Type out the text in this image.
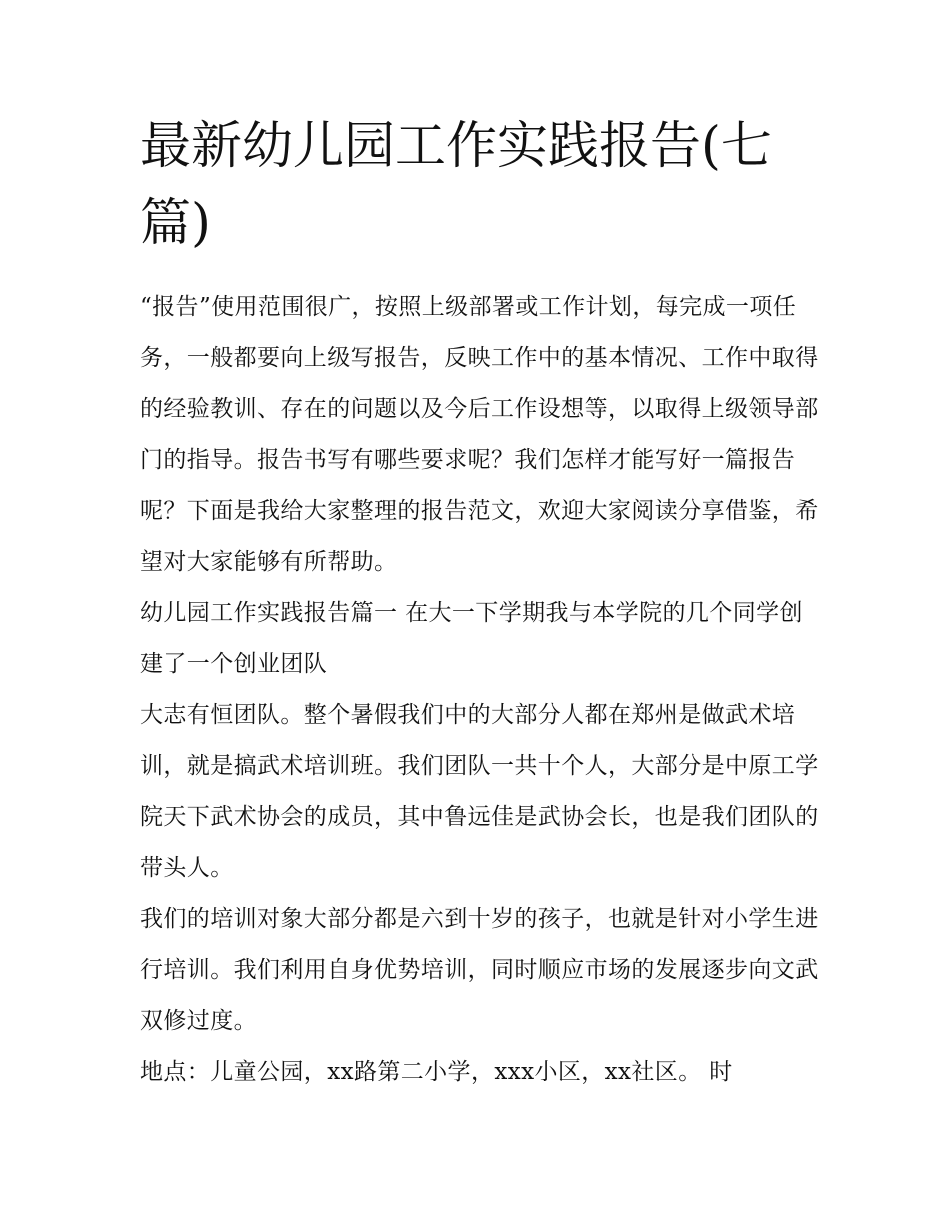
最新幼儿园工作实践报告(七篇)

“报告”使用范围很广，按照上级部署或工作计划，每完成一项任务，一般都要向上级写报告，反映工作中的基本情况、工作中取得的经验教训、存在的问题以及今后工作设想等，以取得上级领导部门的指导。报告书写有哪些要求呢？我们怎样才能写好一篇报告呢？下面是我给大家整理的报告范文，欢迎大家阅读分享借鉴，希望对大家能够有所帮助。

幼儿园工作实践报告篇一 在大一下学期我与本学院的几个同学创建了一个创业团队

大志有恒团队。整个暑假我们中的大部分人都在郑州是做武术培训，就是搞武术培训班。我们团队一共十个人，大部分是中原工学院天下武术协会的成员，其中鲁远佳是武协会长，也是我们团队的带头人。

我们的培训对象大部分都是六到十岁的孩子，也就是针对小学生进行培训。我们利用自身优势培训，同时顺应市场的发展逐步向文武双修过度。

地点：儿童公园，xx路第二小学，xxx小区，xx社区。 时
